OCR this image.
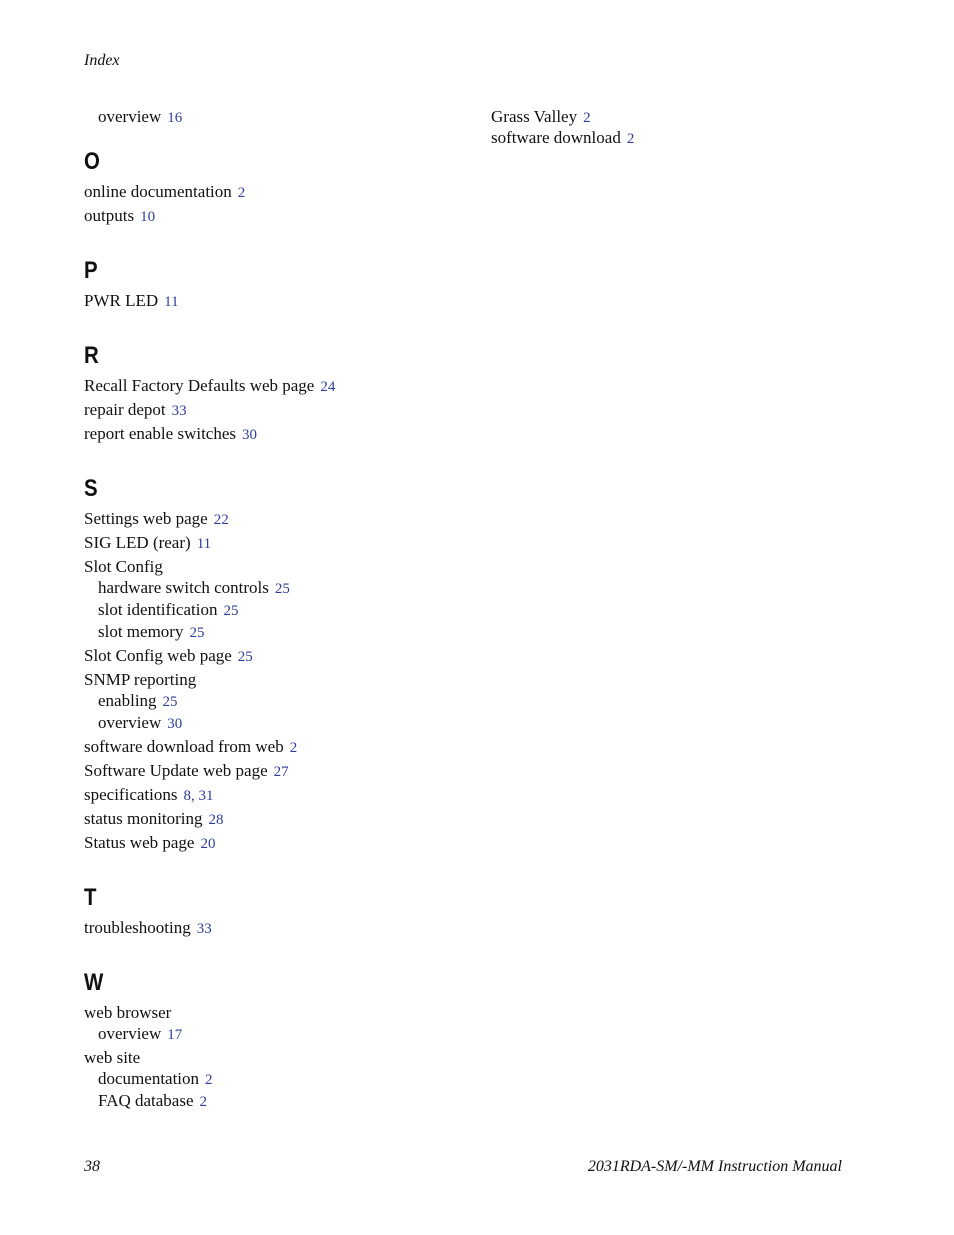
Index
overview 16
O
online documentation 2
outputs 10
P
PWR LED 11
R
Recall Factory Defaults web page 24
repair depot 33
report enable switches 30
S
Settings web page 22
SIG LED (rear) 11
Slot Config
hardware switch controls 25
slot identification 25
slot memory 25
Slot Config web page 25
SNMP reporting
enabling 25
overview 30
software download from web 2
Software Update web page 27
specifications 8, 31
status monitoring 28
Status web page 20
T
troubleshooting 33
W
web browser
overview 17
web site
documentation 2
FAQ database 2
Grass Valley 2
software download 2
38	2031RDA-SM/-MM Instruction Manual
